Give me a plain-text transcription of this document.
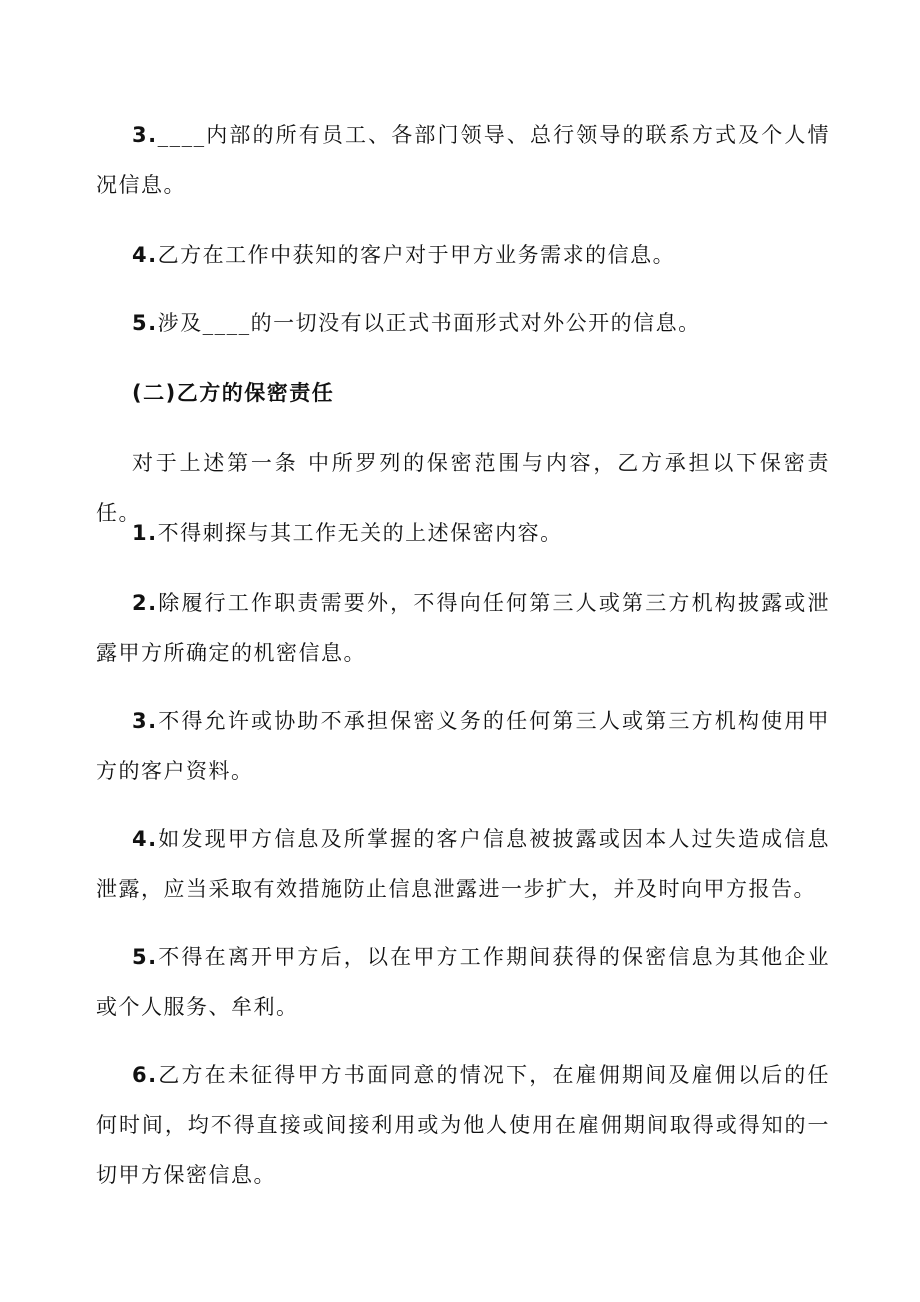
3.____内部的所有员工、各部门领导、总行领导的联系方式及个人情况信息。

4.乙方在工作中获知的客户对于甲方业务需求的信息。

5.涉及____的一切没有以正式书面形式对外公开的信息。

(二)乙方的保密责任

对于上述第一条 中所罗列的保密范围与内容，乙方承担以下保密责任。

1.不得刺探与其工作无关的上述保密内容。

2.除履行工作职责需要外，不得向任何第三人或第三方机构披露或泄露甲方所确定的机密信息。

3.不得允许或协助不承担保密义务的任何第三人或第三方机构使用甲方的客户资料。

4.如发现甲方信息及所掌握的客户信息被披露或因本人过失造成信息泄露，应当采取有效措施防止信息泄露进一步扩大，并及时向甲方报告。

5.不得在离开甲方后，以在甲方工作期间获得的保密信息为其他企业或个人服务、牟利。

6.乙方在未征得甲方书面同意的情况下，在雇佣期间及雇佣以后的任何时间，均不得直接或间接利用或为他人使用在雇佣期间取得或得知的一切甲方保密信息。
